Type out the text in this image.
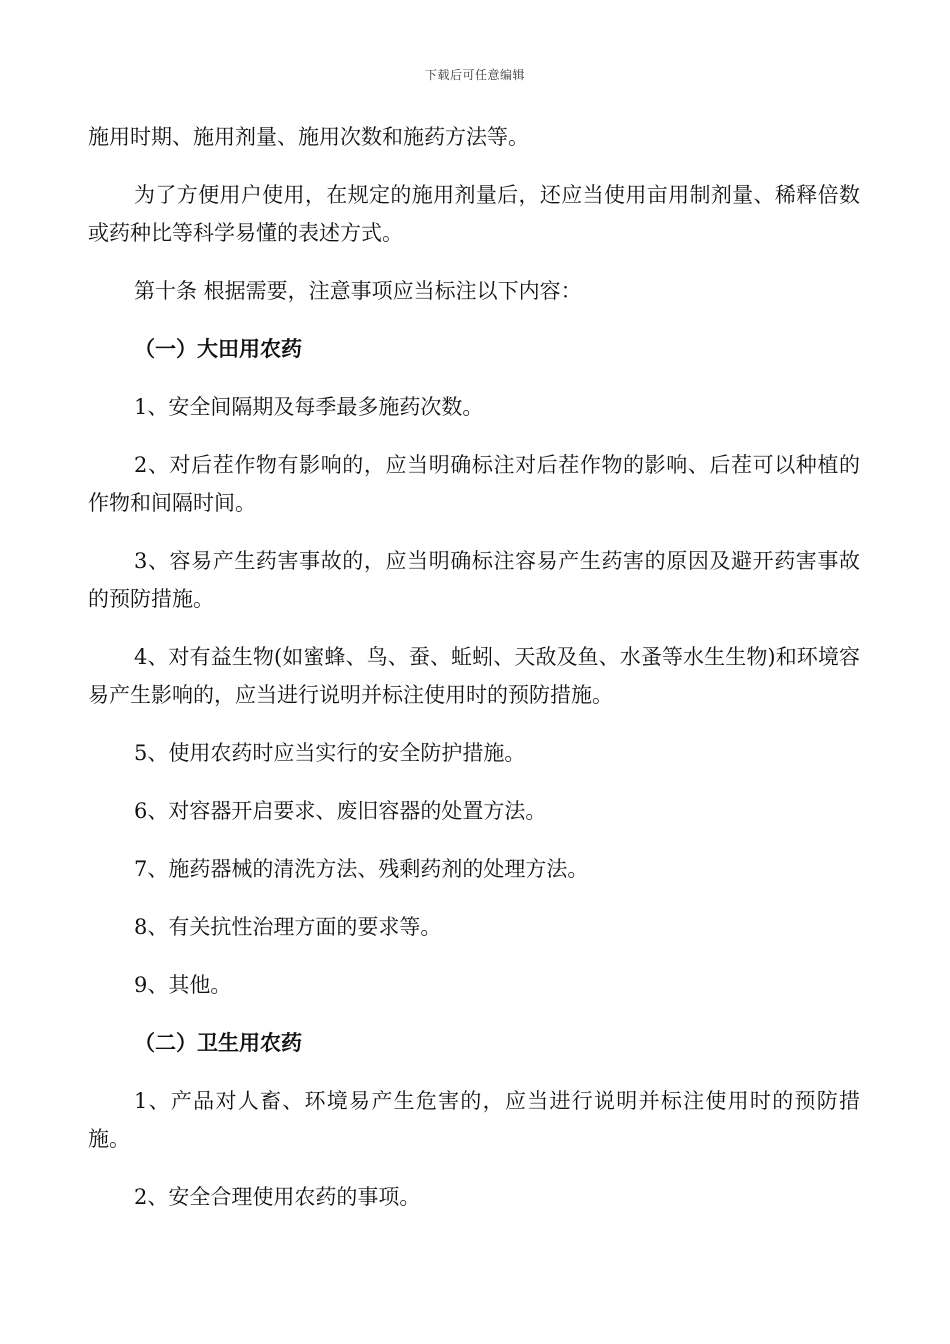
下载后可任意编辑

施用时期、施用剂量、施用次数和施药方法等。

为了方便用户使用，在规定的施用剂量后，还应当使用亩用制剂量、稀释倍数或药种比等科学易懂的表述方式。

第十条 根据需要，注意事项应当标注以下内容：

（一）大田用农药

1、安全间隔期及每季最多施药次数。

2、对后茬作物有影响的，应当明确标注对后茬作物的影响、后茬可以种植的作物和间隔时间。

3、容易产生药害事故的，应当明确标注容易产生药害的原因及避开药害事故的预防措施。

4、对有益生物(如蜜蜂、鸟、蚕、蚯蚓、天敌及鱼、水蚤等水生生物)和环境容易产生影响的，应当进行说明并标注使用时的预防措施。

5、使用农药时应当实行的安全防护措施。

6、对容器开启要求、废旧容器的处置方法。

7、施药器械的清洗方法、残剩药剂的处理方法。

8、有关抗性治理方面的要求等。

9、其他。

（二）卫生用农药

1、产品对人畜、环境易产生危害的，应当进行说明并标注使用时的预防措施。

2、安全合理使用农药的事项。
